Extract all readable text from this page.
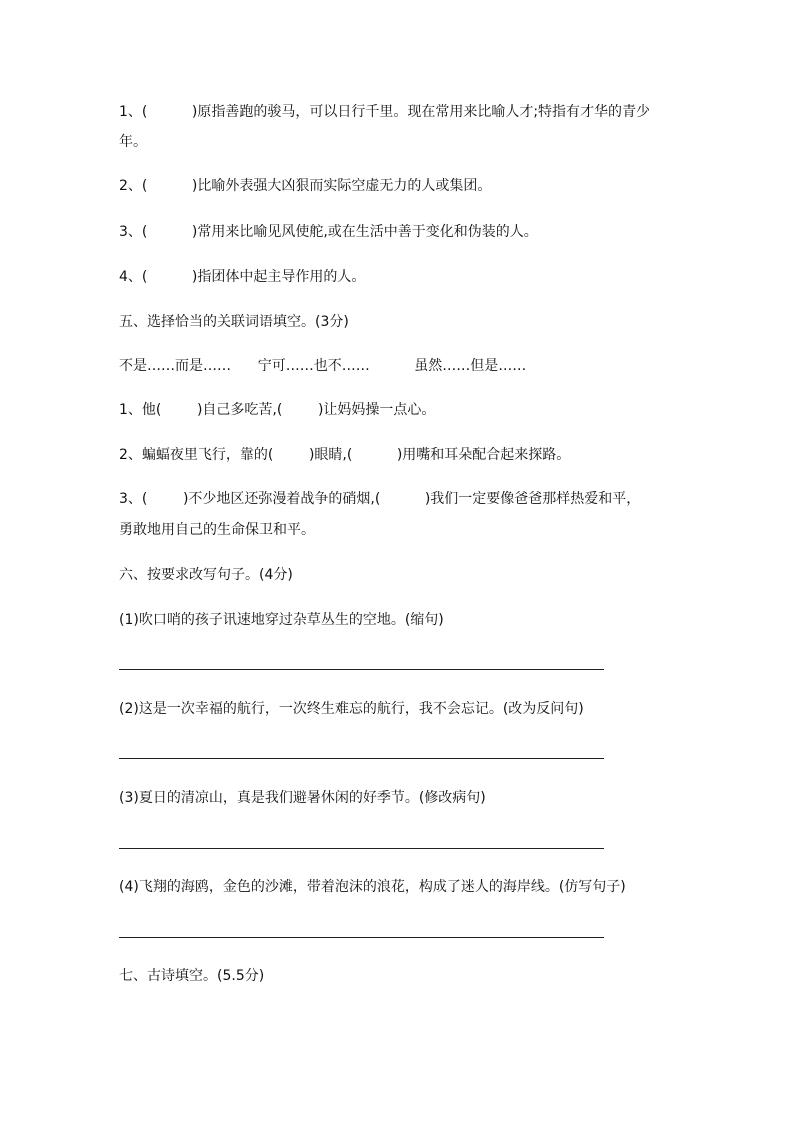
1、(          )原指善跑的骏马，可以日行千里。现在常用来比喻人才;特指有才华的青少
年。
2、(          )比喻外表强大凶狠而实际空虚无力的人或集团。
3、(          )常用来比喻见风使舵,或在生活中善于变化和伪装的人。
4、(          )指团体中起主导作用的人。
五、选择恰当的关联词语填空。(3分)
不是……而是……      宁可……也不……          虽然……但是……
1、他(        )自己多吃苦,(        )让妈妈操一点心。
2、蝙蝠夜里飞行，靠的(        )眼睛,(          )用嘴和耳朵配合起来探路。
3、(        )不少地区还弥漫着战争的硝烟,(          )我们一定要像爸爸那样热爱和平，
勇敢地用自己的生命保卫和平。
六、按要求改写句子。(4分)
(1)吹口哨的孩子讯速地穿过杂草丛生的空地。(缩句)
(2)这是一次幸福的航行，一次终生难忘的航行，我不会忘记。(改为反问句)
(3)夏日的清凉山，真是我们避暑休闲的好季节。(修改病句)
(4)飞翔的海鸥，金色的沙滩，带着泡沫的浪花，构成了迷人的海岸线。(仿写句子)
七、古诗填空。(5.5分)
